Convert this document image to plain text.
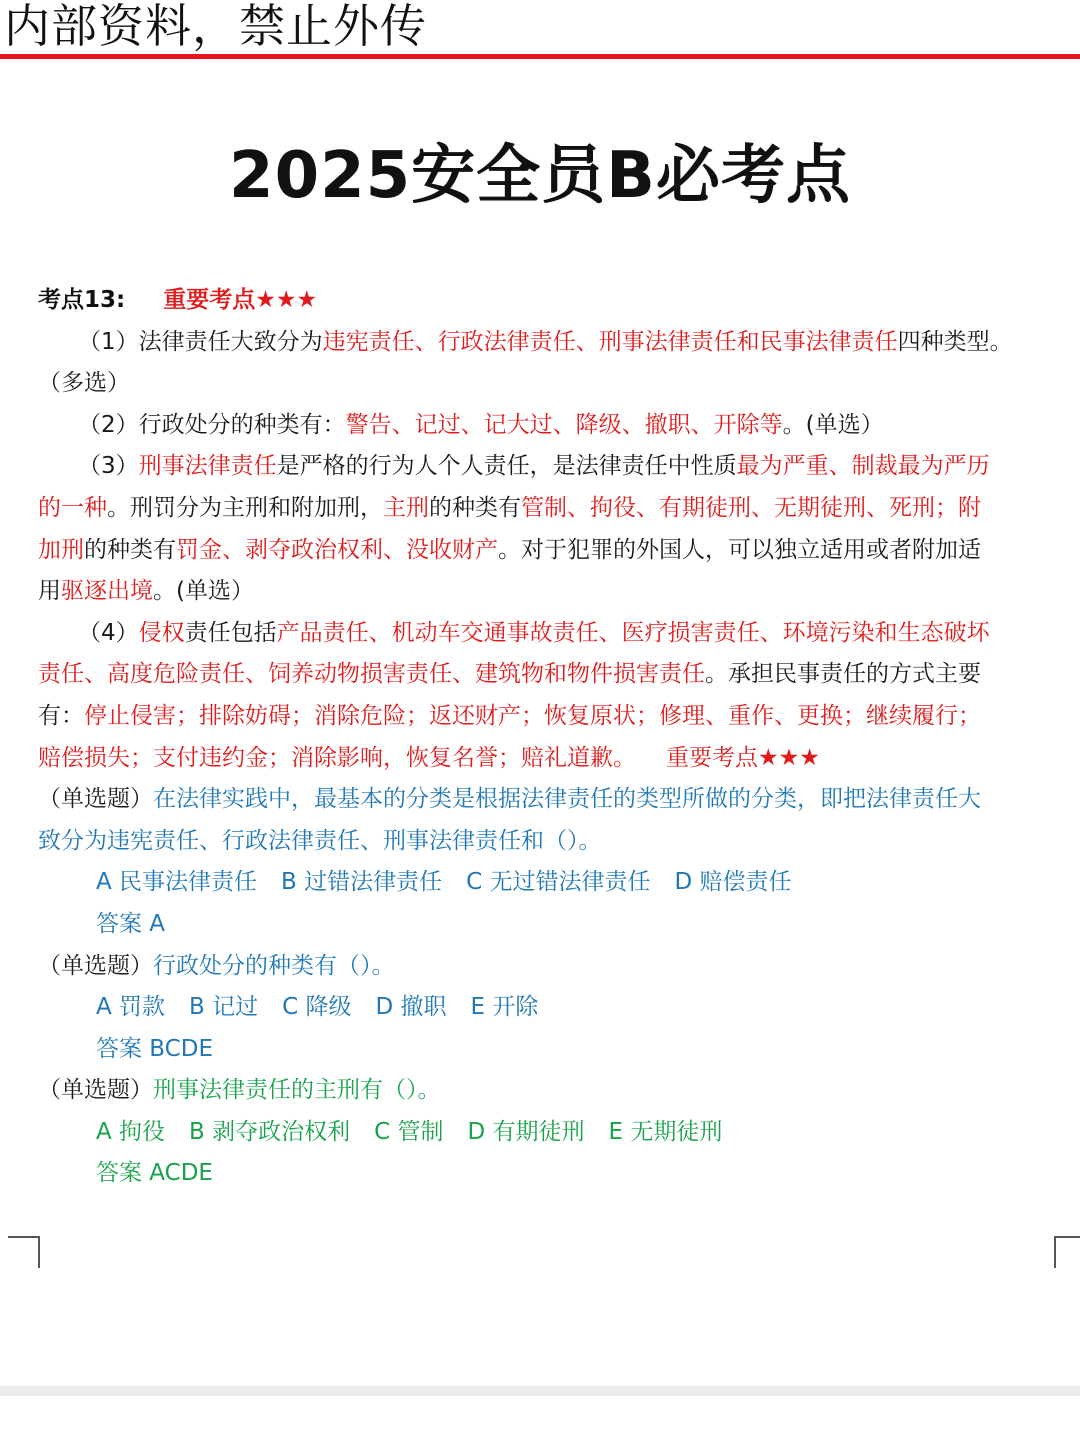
内部资料，禁止外传
2025安全员B必考点
考点13: 重要考点★★★
（1）法律责任大致分为违宪责任、行政法律责任、刑事法律责任和民事法律责任四种类型。
（多选）
（2）行政处分的种类有：警告、记过、记大过、降级、撤职、开除等。(单选）
（3）刑事法律责任是严格的行为人个人责任，是法律责任中性质最为严重、制裁最为严历
的一种。刑罚分为主刑和附加刑，主刑的种类有管制、拘役、有期徒刑、无期徒刑、死刑；附
加刑的种类有罚金、剥夺政治权利、没收财产。对于犯罪的外国人，可以独立适用或者附加适
用驱逐出境。(单选）
（4）侵权责任包括产品责任、机动车交通事故责任、医疗损害责任、环境污染和生态破坏
责任、高度危险责任、饲养动物损害责任、建筑物和物件损害责任。承担民事责任的方式主要
有：停止侵害；排除妨碍；消除危险；返还财产；恢复原状；修理、重作、更换；继续履行；
赔偿损失；支付违约金；消除影响，恢复名誉；赔礼道歉。 重要考点★★★
（单选题）在法律实践中，最基本的分类是根据法律责任的类型所做的分类，即把法律责任大
致分为违宪责任、行政法律责任、刑事法律责任和（）。
A 民事法律责任 B 过错法律责任 C 无过错法律责任 D 赔偿责任
答案 A
（单选题）行政处分的种类有（）。
A 罚款 B 记过 C 降级 D 撤职 E 开除
答案 BCDE
（单选题）刑事法律责任的主刑有（）。
A 拘役 B 剥夺政治权利 C 管制 D 有期徒刑 E 无期徒刑
答案 ACDE
